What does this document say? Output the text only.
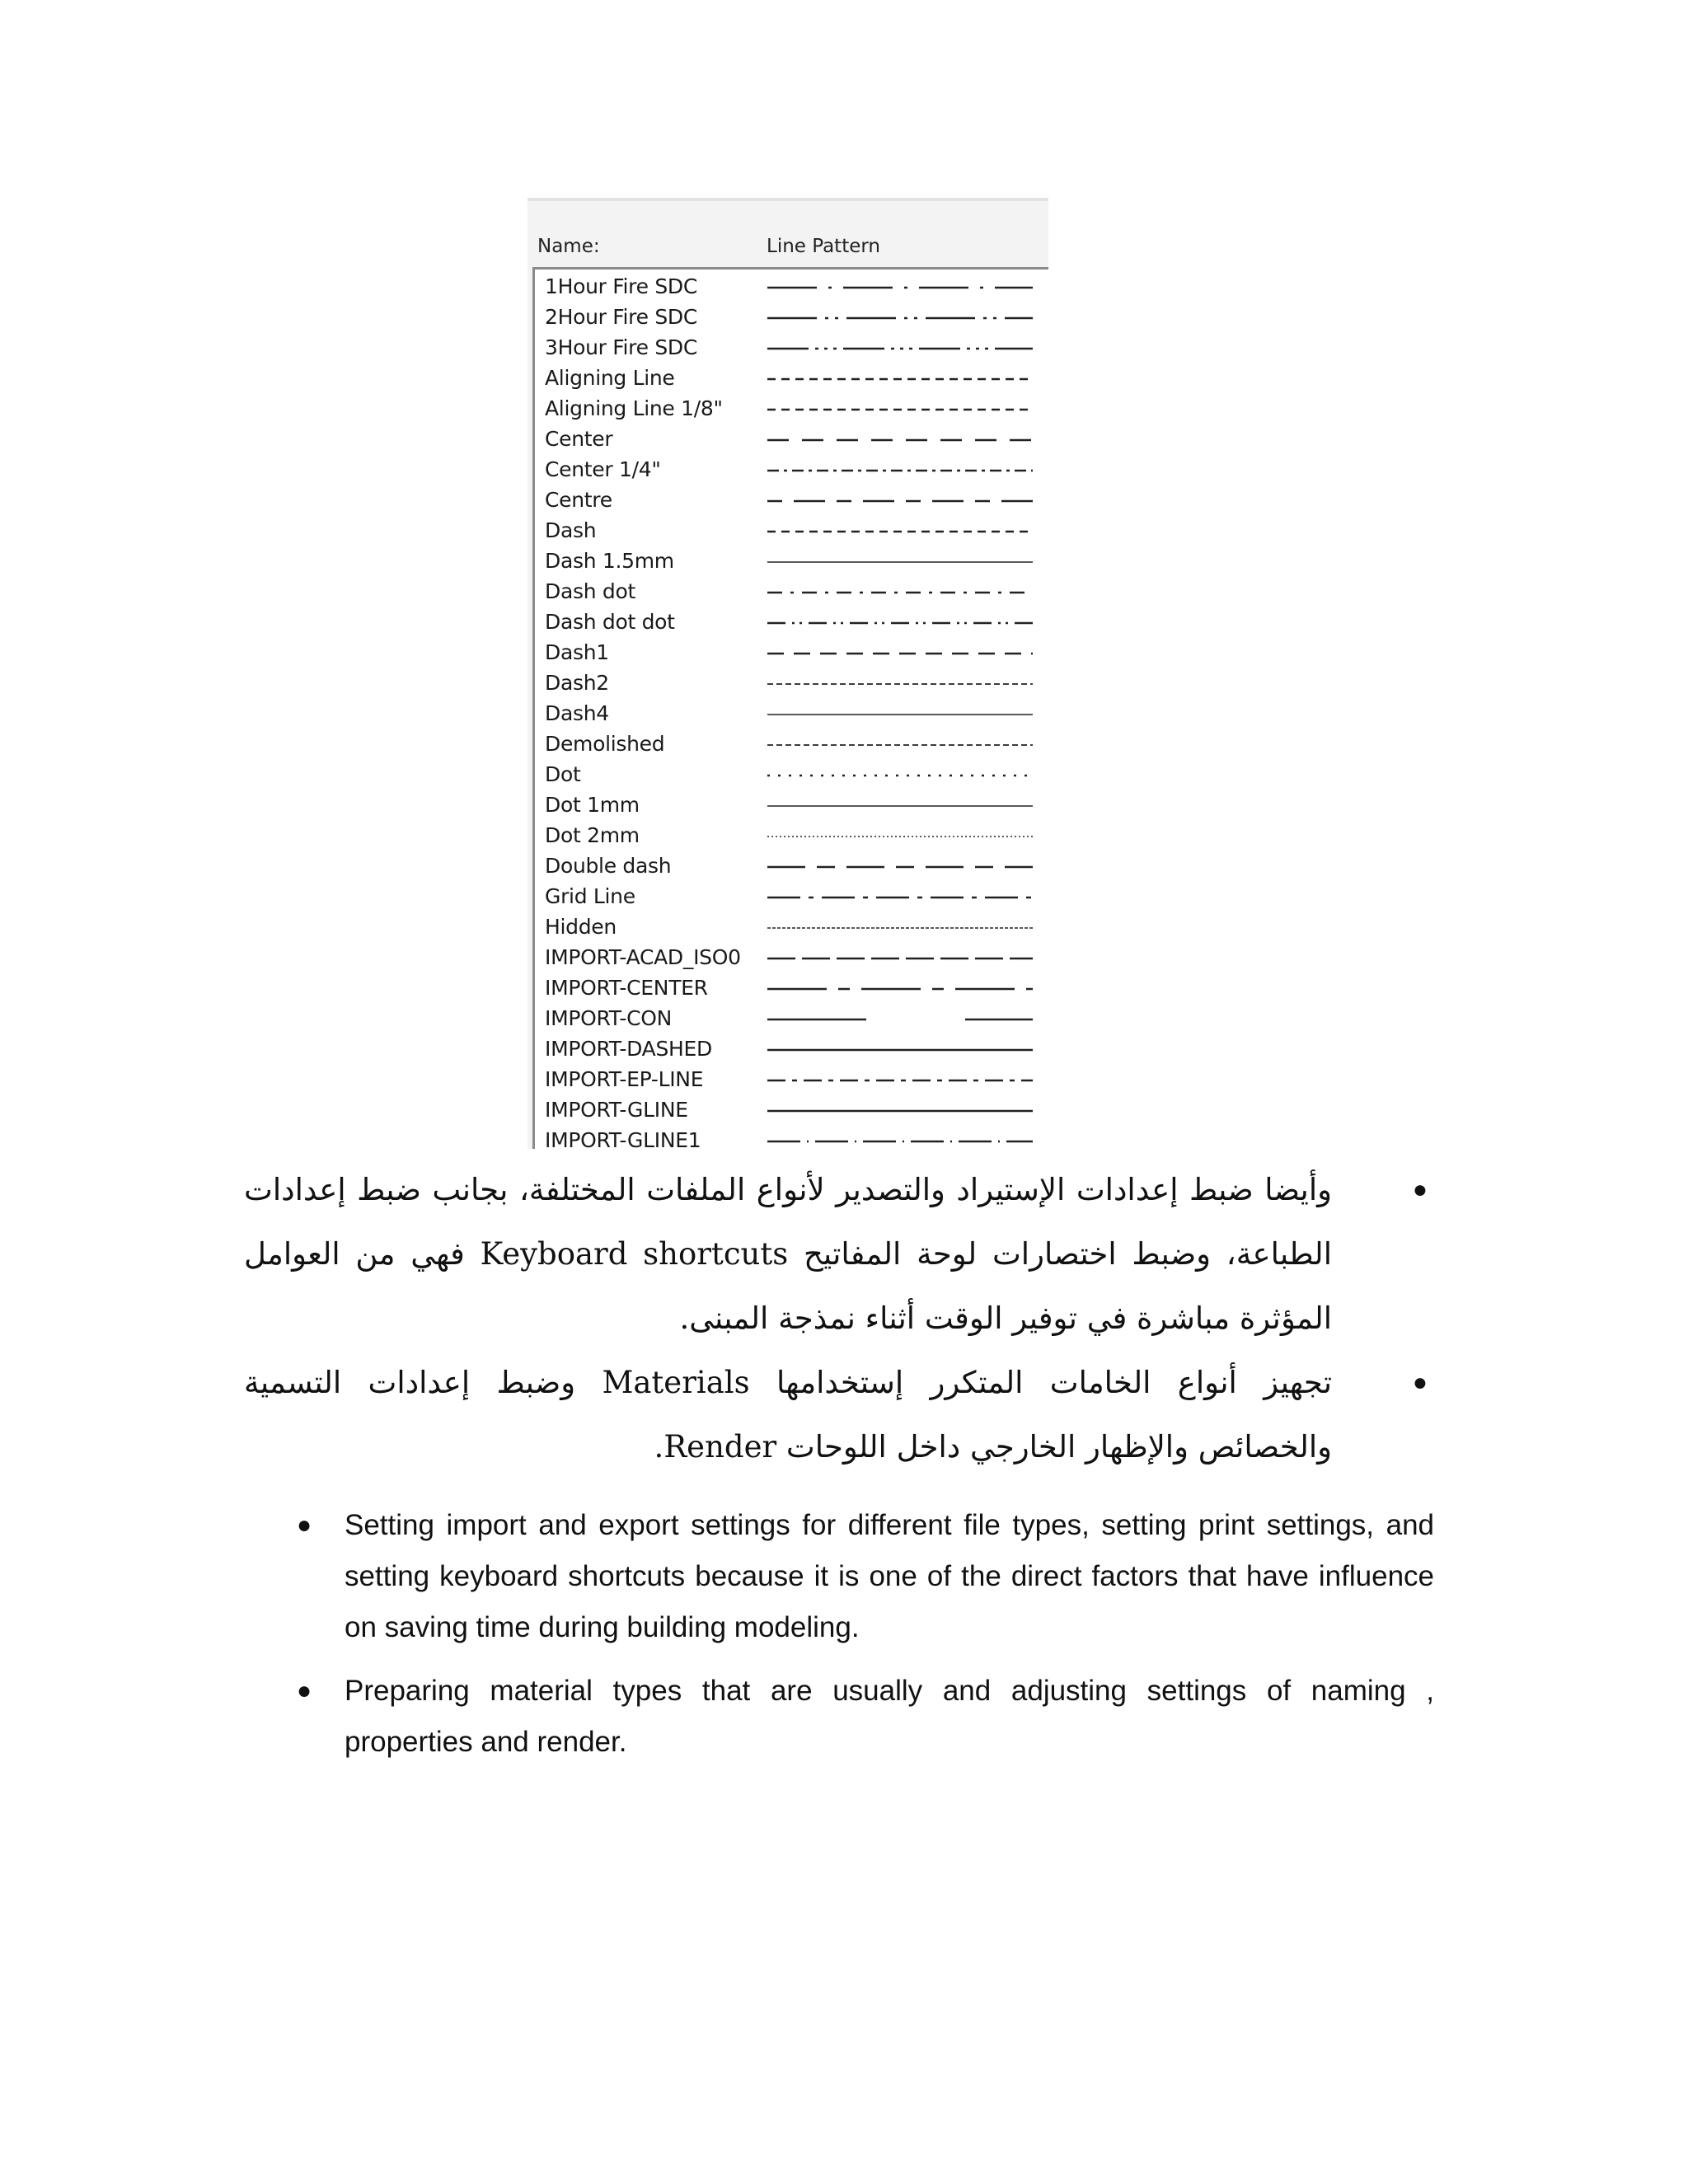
Name:	Line Pattern
1Hour Fire SDC
2Hour Fire SDC
3Hour Fire SDC
Aligning Line
Aligning Line 1/8"
Center
Center 1/4"
Centre
Dash
Dash 1.5mm
Dash dot
Dash dot dot
Dash1
Dash2
Dash4
Demolished
Dot
Dot 1mm
Dot 2mm
Double dash
Grid Line
Hidden
IMPORT-ACAD_ISO0
IMPORT-CENTER
IMPORT-CON
IMPORT-DASHED
IMPORT-EP-LINE
IMPORT-GLINE
IMPORT-GLINE1
●
وأيضا ضبط إعدادات الإستيراد والتصدير لأنواع الملفات المختلفة، بجانب ضبط إعدادات الطباعة، وضبط اختصارات لوحة المفاتيح Keyboard shortcuts فهي من العوامل المؤثرة مباشرة في توفير الوقت أثناء نمذجة المبنى.
●
تجهيز أنواع الخامات المتكرر إستخدامها Materials وضبط إعدادات التسمية والخصائص والإظهار الخارجي داخل اللوحات Render.
● Setting import and export settings for different file types, setting print settings, and setting keyboard shortcuts because it is one of the direct factors that have influence on saving time during building modeling.
● Preparing material types that are usually and adjusting settings of naming , properties and render.
